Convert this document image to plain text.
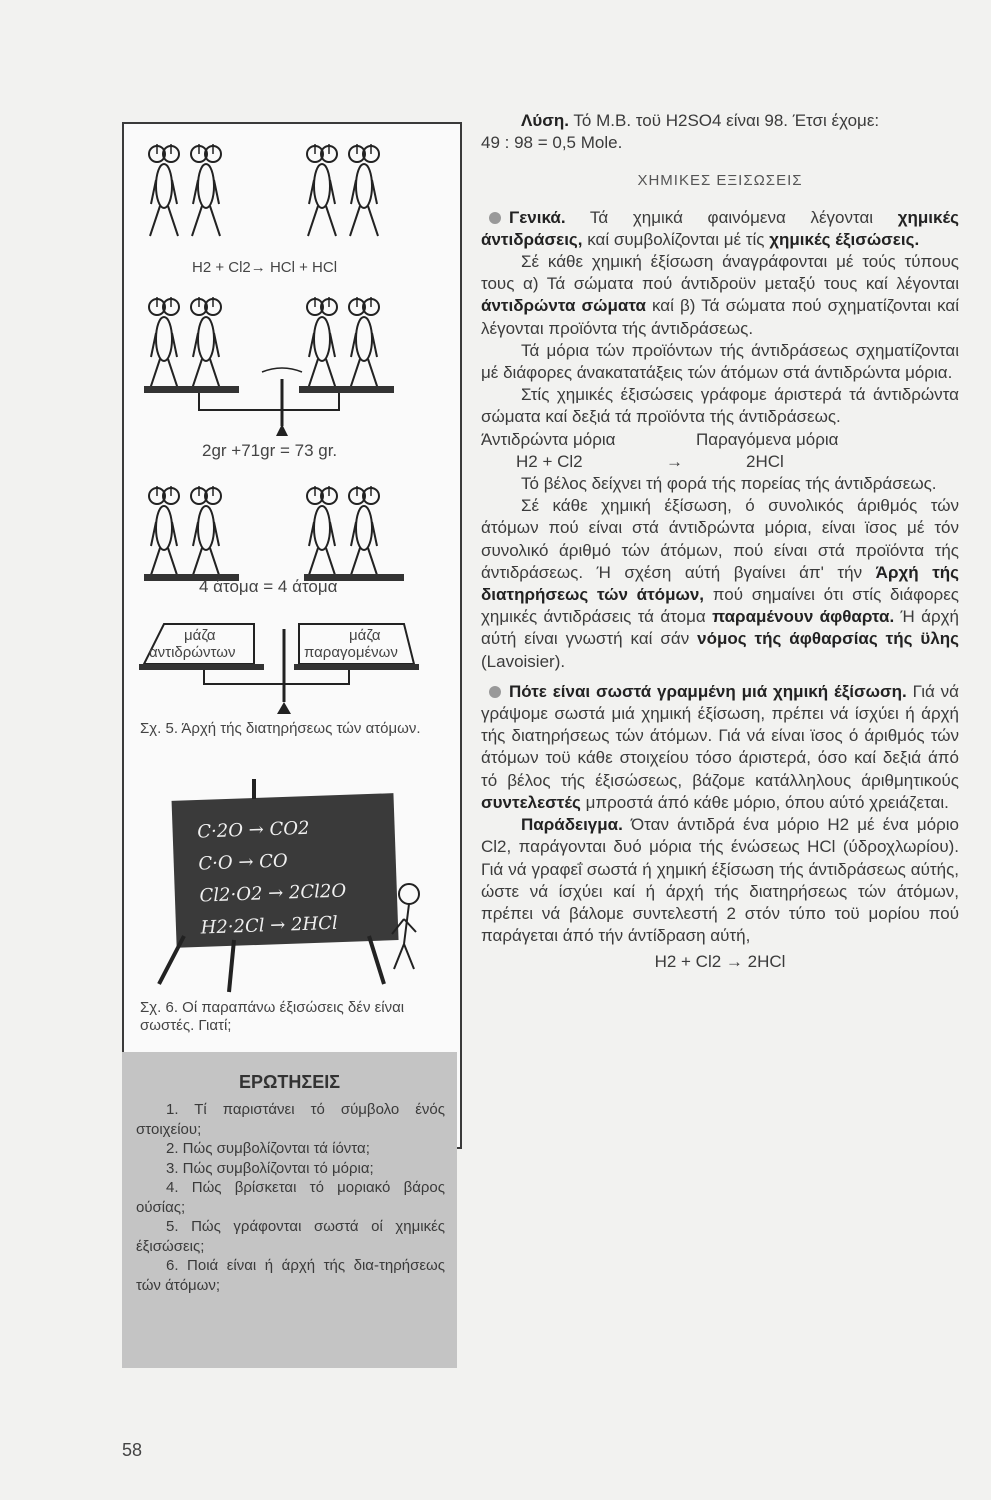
H2 + Cl2→ HCl + HCl
2gr +71gr = 73 gr.
4 άτομα = 4 άτομα
μάζα
αντιδρώντων
μάζα
παραγομένων
Σχ. 5. Άρχή τής διατηρήσεως τών ατόμων.
C·2O → CO2
C·O → CO
Cl2·O2 → 2Cl2O
H2·2Cl → 2HCl
Σχ. 6. Οί παραπάνω έξισώσεις δέν είναι σωστές. Γιατί;
ΕΡΩΤΗΣΕΙΣ

1. Τί παριστάνει τό σύμβολο ένός στοιχείου;

2. Πώς συμβολίζονται τά ίόντα;

3. Πώς συμβολίζονται τό μόρια;

4. Πώς βρίσκεται τό μοριακό βάρος ούσίας;

5. Πώς γράφονται σωστά οί χημικές έξισώσεις;

6. Ποιά είναι ή άρχή τής δια-τηρήσεως τών άτόμων;

Λύση. Τό Μ.Β. τοϋ H2SO4 είναι 98. Έτσι έχομε:

49 : 98 = 0,5 Mole.

ΧΗΜΙΚΕΣ ΕΞΙΣΩΣΕΙΣ

Γενικά. Τά χημικά φαινόμενα λέγονται χημικές άντιδράσεις, καί συμβολίζονται μέ τίς χημικές έξισώσεις.

Σέ κάθε χημική έξίσωση άναγράφονται μέ τούς τύπους τους α) Τά σώματα πού άντιδροϋν μεταξύ τους καί λέγονται άντιδρώντα σώματα καί β) Τά σώματα πού σχηματίζονται καί λέγονται προϊόντα τής άντιδράσεως.

Τά μόρια τών προϊόντων τής άντιδράσεως σχηματίζονται μέ διάφορες άνακατατάξεις τών άτόμων στά άντιδρώντα μόρια.

Στίς χημικές έξισώσεις γράφομε άριστερά τά άντιδρώντα σώματα καί δεξιά τά προϊόντα τής άντιδράσεως.

Άντιδρώντα μόρια	Παραγόμενα μόρια
H2 + Cl2	→	2HCl

Τό βέλος δείχνει τή φορά τής πορείας τής άντιδράσεως.

Σέ κάθε χημική έξίσωση, ό συνολικός άριθμός τών άτόμων πού είναι στά άντιδρώντα μόρια, είναι ϊσος μέ τόν συνολικό άριθμό τών άτόμων, πού είναι στά προϊόντα τής άντιδράσεως. Ή σχέση αύτή βγαίνει άπ' τήν Άρχή τής διατηρήσεως τών άτόμων, πού σημαίνει ότι στίς διάφορες χημικές άντιδράσεις τά άτομα παραμένουν άφθαρτα. Ή άρχή αύτή είναι γνωστή καί σάν νόμος τής άφθαρσίας τής ϋλης (Lavoisier).

Πότε είναι σωστά γραμμένη μιά χημική έξίσωση. Γιά νά γράψομε σωστά μιά χημική έξίσωση, πρέπει νά ίσχύει ή άρχή τής διατηρήσεως τών άτόμων. Γιά νά είναι ϊσος ό άριθμός τών άτόμων τοϋ κάθε στοιχείου τόσο άριστερά, όσο καί δεξιά άπό τό βέλος τής έξισώσεως, βάζομε κατάλληλους άριθμητικούς συντελεστές μπροστά άπό κάθε μόριο, όπου αύτό χρειάζεται.

Παράδειγμα. Όταν άντιδρά ένα μόριο H2 μέ ένα μόριο Cl2, παράγονται δυό μόρια τής ένώσεως HCl (ύδροχλωρίου). Γιά νά γραφεΐ σωστά ή χημική έξίσωση τής άντιδράσεως αύτής, ώστε νά ίσχύει καί ή άρχή τής διατηρήσεως τών άτόμων, πρέπει νά βάλομε συντελεστή 2 στόν τύπο τοϋ μορίου πού παράγεται άπό τήν άντίδραση αύτή,

H2 + Cl2 → 2HCl

58
